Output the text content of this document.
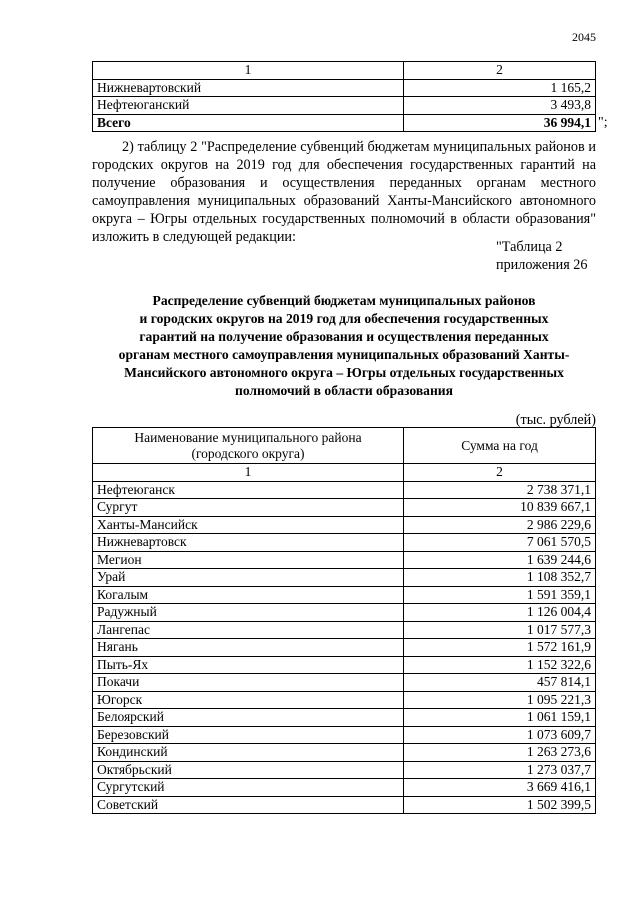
2045
1	2
Нижневартовский	1 165,2
Нефтеюганский	3 493,8
Всего	36 994,1 ";

2) таблицу 2 "Распределение субвенций бюджетам муниципальных районов и городских округов на 2019 год для обеспечения государственных гарантий на получение образования и осуществления переданных органам местного самоуправления муниципальных образований Ханты-Мансийского автономного округа – Югры отдельных государственных полномочий в области образования" изложить в следующей редакции:

"Таблица 2
приложения 26
Распределение субвенций бюджетам муниципальных районов
и городских округов на 2019 год для обеспечения государственных
гарантий на получение образования и осуществления переданных
органам местного самоуправления муниципальных образований Ханты-
Мансийского автономного округа – Югры отдельных государственных
полномочий в области образования
(тыс. рублей)
Наименование муниципального района
(городского округа)	Сумма на год
1	2
Нефтеюганск	2 738 371,1
Сургут	10 839 667,1
Ханты-Мансийск	2 986 229,6
Нижневартовск	7 061 570,5
Мегион	1 639 244,6
Урай	1 108 352,7
Когалым	1 591 359,1
Радужный	1 126 004,4
Лангепас	1 017 577,3
Нягань	1 572 161,9
Пыть-Ях	1 152 322,6
Покачи	457 814,1
Югорск	1 095 221,3
Белоярский	1 061 159,1
Березовский	1 073 609,7
Кондинский	1 263 273,6
Октябрьский	1 273 037,7
Сургутский	3 669 416,1
Советский	1 502 399,5
